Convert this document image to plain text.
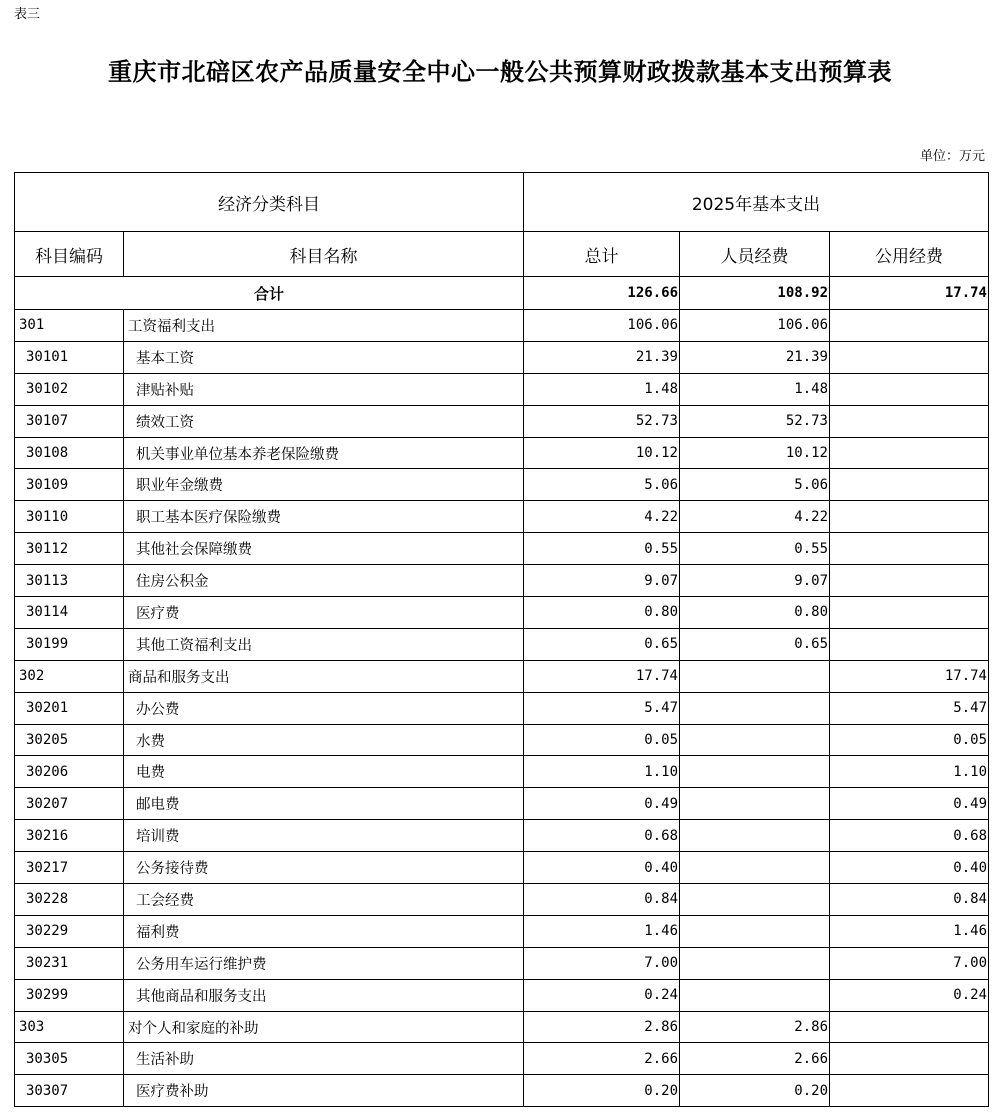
表三
重庆市北碚区农产品质量安全中心一般公共预算财政拨款基本支出预算表
单位：万元
经济分类科目		2025年基本支出		
科目编码	科目名称	总计	人员经费	公用经费
合计		126.66	108.92	17.74
301	工资福利支出	106.06	106.06	
30101	基本工资	21.39	21.39	
30102	津贴补贴	1.48	1.48	
30107	绩效工资	52.73	52.73	
30108	机关事业单位基本养老保险缴费	10.12	10.12	
30109	职业年金缴费	5.06	5.06	
30110	职工基本医疗保险缴费	4.22	4.22	
30112	其他社会保障缴费	0.55	0.55	
30113	住房公积金	9.07	9.07	
30114	医疗费	0.80	0.80	
30199	其他工资福利支出	0.65	0.65	
302	商品和服务支出	17.74		17.74
30201	办公费	5.47		5.47
30205	水费	0.05		0.05
30206	电费	1.10		1.10
30207	邮电费	0.49		0.49
30216	培训费	0.68		0.68
30217	公务接待费	0.40		0.40
30228	工会经费	0.84		0.84
30229	福利费	1.46		1.46
30231	公务用车运行维护费	7.00		7.00
30299	其他商品和服务支出	0.24		0.24
303	对个人和家庭的补助	2.86	2.86	
30305	生活补助	2.66	2.66	
30307	医疗费补助	0.20	0.20	
